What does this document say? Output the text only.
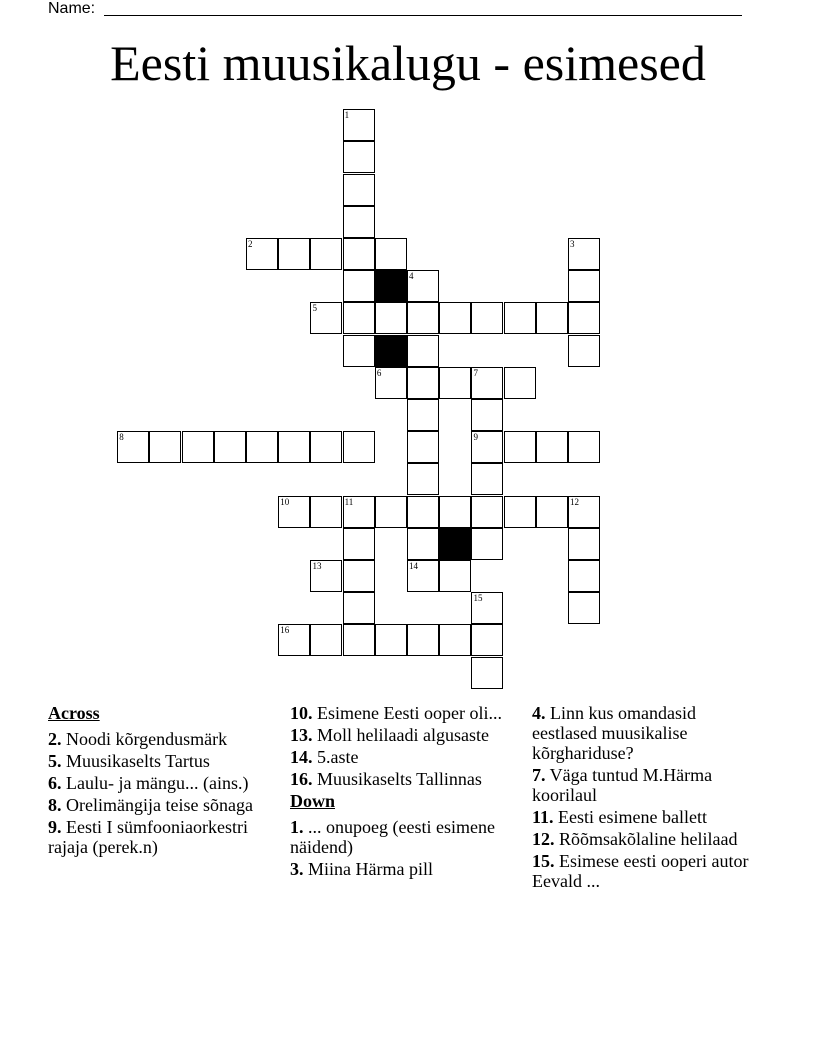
Name:
Eesti muusikalugu - esimesed
1
2	3
4
5
6	7
8	9
10	11	12
13	14
15
16
Across
2. Noodi kõrgendusmärk
5. Muusikaselts Tartus
6. Laulu- ja mängu... (ains.)
8. Orelimängija teise sõnaga
9. Eesti I sümfooniaorkestri rajaja (perek.n)
10. Esimene Eesti ooper oli...
13. Moll helilaadi algusaste
14. 5.aste
16. Muusikaselts Tallinnas
Down
1. ... onupoeg (eesti esimene näidend)
3. Miina Härma pill
4. Linn kus omandasid eestlased muusikalise kõrghariduse?
7. Väga tuntud M.Härma koorilaul
11. Eesti esimene ballett
12. Rõõmsakõlaline helilaad
15. Esimese eesti ooperi autor Eevald ...
